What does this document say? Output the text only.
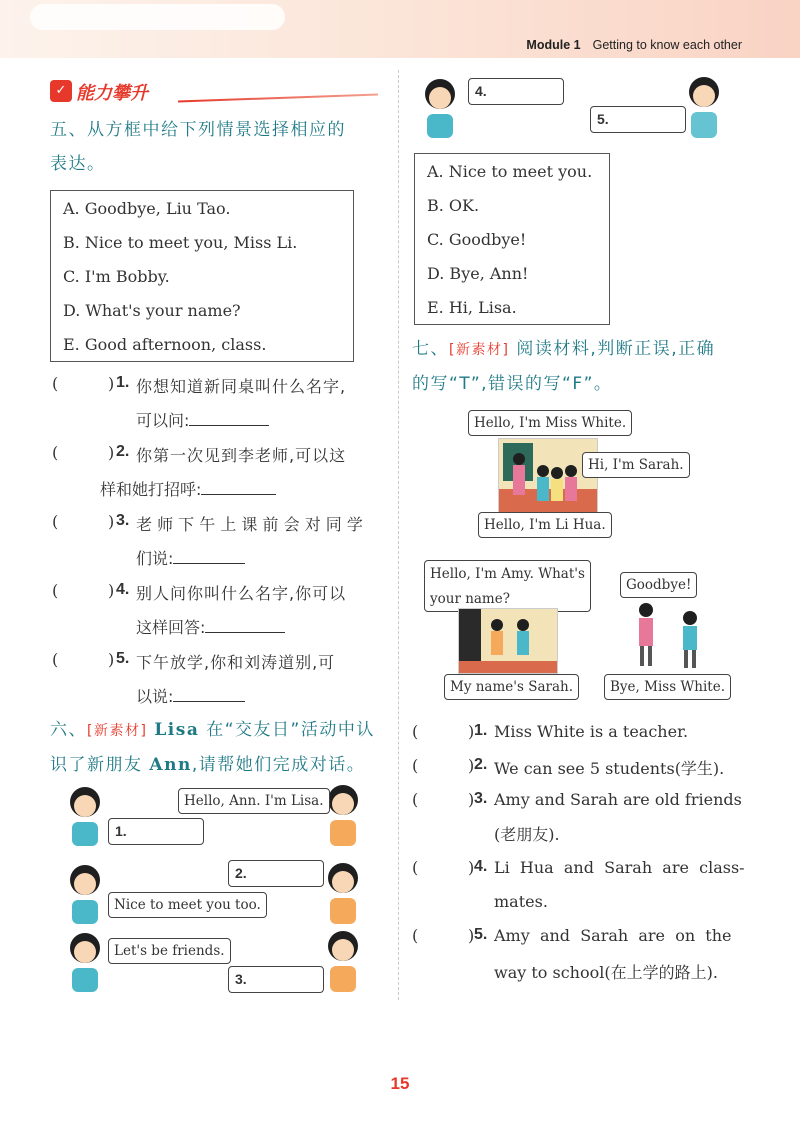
Module 1 Getting to know each other
✓ 能力攀升
五、从方框中给下列情景选择相应的
表达。
A. Goodbye, Liu Tao.
B. Nice to meet you, Miss Li.
C. I'm Bobby.
D. What's your name?
E. Good afternoon, class.
(	) 1. 你想知道新同桌叫什么名字,
可以问:
(	) 2. 你第一次见到李老师,可以这
样和她打招呼:
(	) 3. 老 师 下 午 上 课 前 会 对 同 学
们说:
(	) 4. 别人问你叫什么名字,你可以
这样回答:
(	) 5. 下午放学,你和刘涛道别,可
以说:
六、[新素材] Lisa 在“交友日”活动中认
识了新朋友 Ann,请帮她们完成对话。
Hello, Ann. I'm Lisa.
1.
2.
Nice to meet you too.
Let's be friends.
3.
4.
5.
A. Nice to meet you.
B. OK.
C. Goodbye!
D. Bye, Ann!
E. Hi, Lisa.
七、[新素材] 阅读材料,判断正误,正确
的写“T”,错误的写“F”。
Hello, I'm Miss White.
Hi, I'm Sarah.
Hello, I'm Li Hua.
Hello, I'm Amy. What's
your name?
My name's Sarah.
Goodbye!
Bye, Miss White.
(	) 1. Miss White is a teacher.
(	) 2. We can see 5 students(学生).
(	) 3. Amy and Sarah are old friends
(老朋友).
(	) 4. Li  Hua  and  Sarah  are  class-
mates.
(	) 5. Amy  and  Sarah  are  on  the
way to school(在上学的路上).
15
